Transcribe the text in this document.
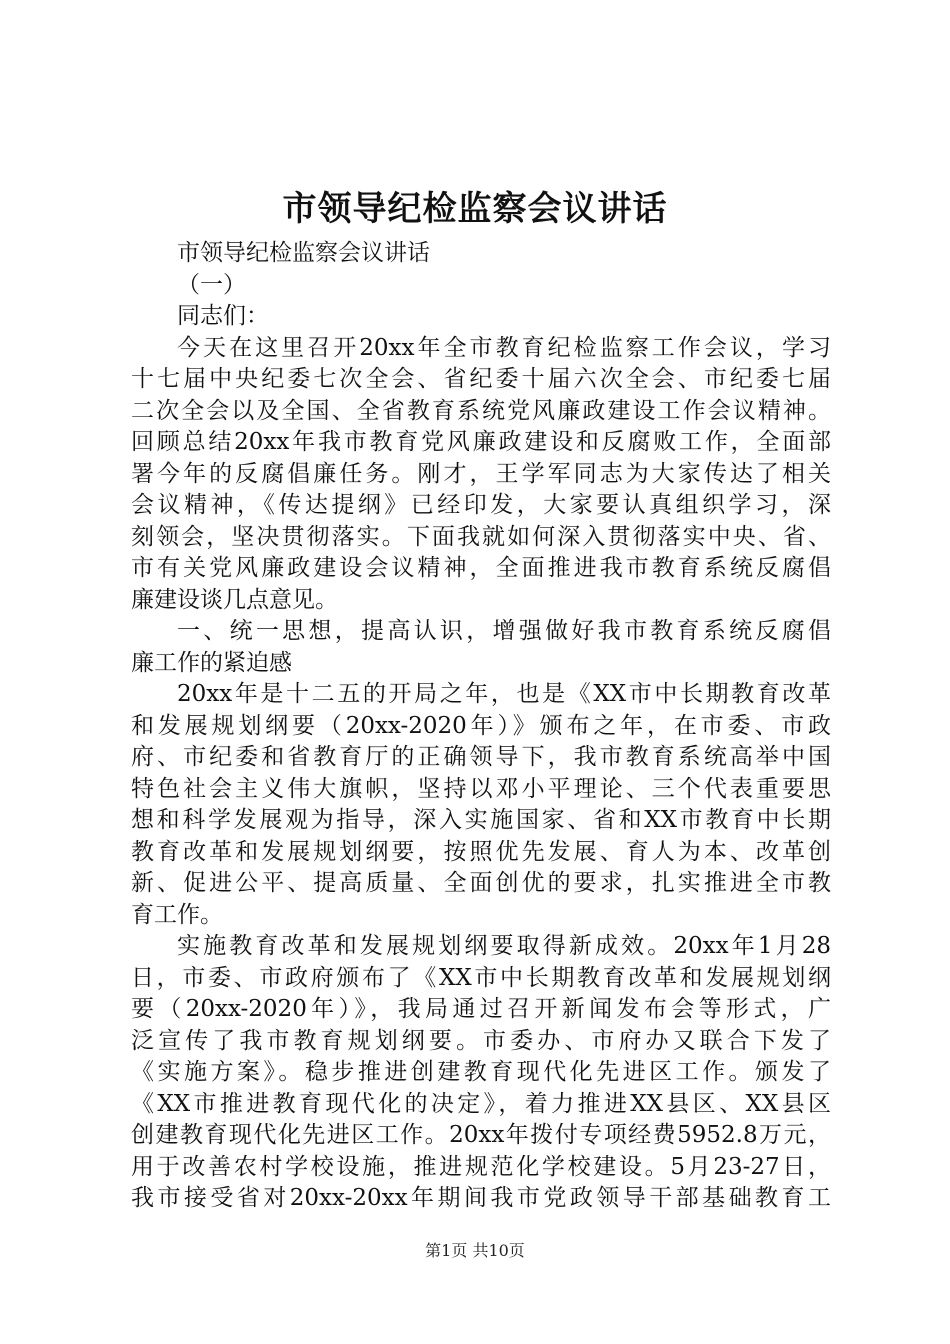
市领导纪检监察会议讲话
市领导纪检监察会议讲话
（一）
同志们：
今天在这里召开20xx年全市教育纪检监察工作会议，学习
十七届中央纪委七次全会、省纪委十届六次全会、市纪委七届
二次全会以及全国、全省教育系统党风廉政建设工作会议精神。
回顾总结20xx年我市教育党风廉政建设和反腐败工作，全面部
署今年的反腐倡廉任务。刚才，王学军同志为大家传达了相关
会议精神，《传达提纲》已经印发，大家要认真组织学习，深
刻领会，坚决贯彻落实。下面我就如何深入贯彻落实中央、省、
市有关党风廉政建设会议精神，全面推进我市教育系统反腐倡
廉建设谈几点意见。
一、统一思想，提高认识，增强做好我市教育系统反腐倡
廉工作的紧迫感
20xx年是十二五的开局之年，也是《XX市中长期教育改革
和发展规划纲要（20xx-2020年）》颁布之年，在市委、市政
府、市纪委和省教育厅的正确领导下，我市教育系统高举中国
特色社会主义伟大旗帜，坚持以邓小平理论、三个代表重要思
想和科学发展观为指导，深入实施国家、省和XX市教育中长期
教育改革和发展规划纲要，按照优先发展、育人为本、改革创
新、促进公平、提高质量、全面创优的要求，扎实推进全市教
育工作。
实施教育改革和发展规划纲要取得新成效。20xx年1月28
日，市委、市政府颁布了《XX市中长期教育改革和发展规划纲
要（20xx-2020年）》，我局通过召开新闻发布会等形式，广
泛宣传了我市教育规划纲要。市委办、市府办又联合下发了
《实施方案》。稳步推进创建教育现代化先进区工作。颁发了
《XX市推进教育现代化的决定》，着力推进XX县区、XX县区
创建教育现代化先进区工作。20xx年拨付专项经费5952.8万元，
用于改善农村学校设施，推进规范化学校建设。5月23-27日，
我市接受省对20xx-20xx年期间我市党政领导干部基础教育工
第1页 共10页
